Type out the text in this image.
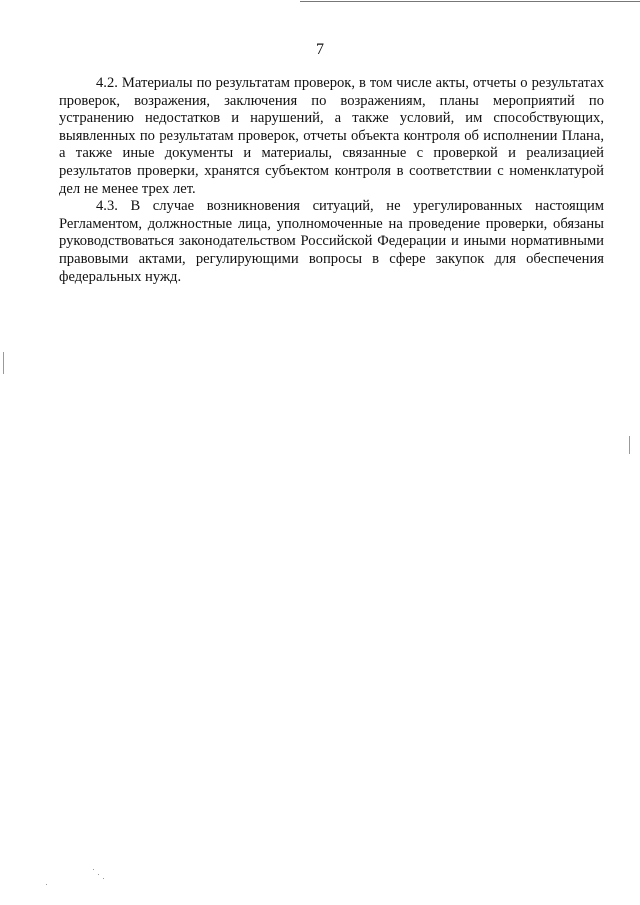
7

4.2. Материалы по результатам проверок, в том числе акты, отчеты о результатах проверок, возражения, заключения по возражениям, планы мероприятий по устранению недостатков и нарушений, а также условий, им способствующих, выявленных по результатам проверок, отчеты объекта контроля об исполнении Плана, а также иные документы и материалы, связанные с проверкой и реализацией результатов проверки, хранятся субъектом контроля в соответствии с номенклатурой дел не менее трех лет.

4.3. В случае возникновения ситуаций, не урегулированных настоящим Регламентом, должностные лица, уполномоченные на проведение проверки, обязаны руководствоваться законодательством Российской Федерации и иными нормативными правовыми актами, регулирующими вопросы в сфере закупок для обеспечения федеральных нужд.
